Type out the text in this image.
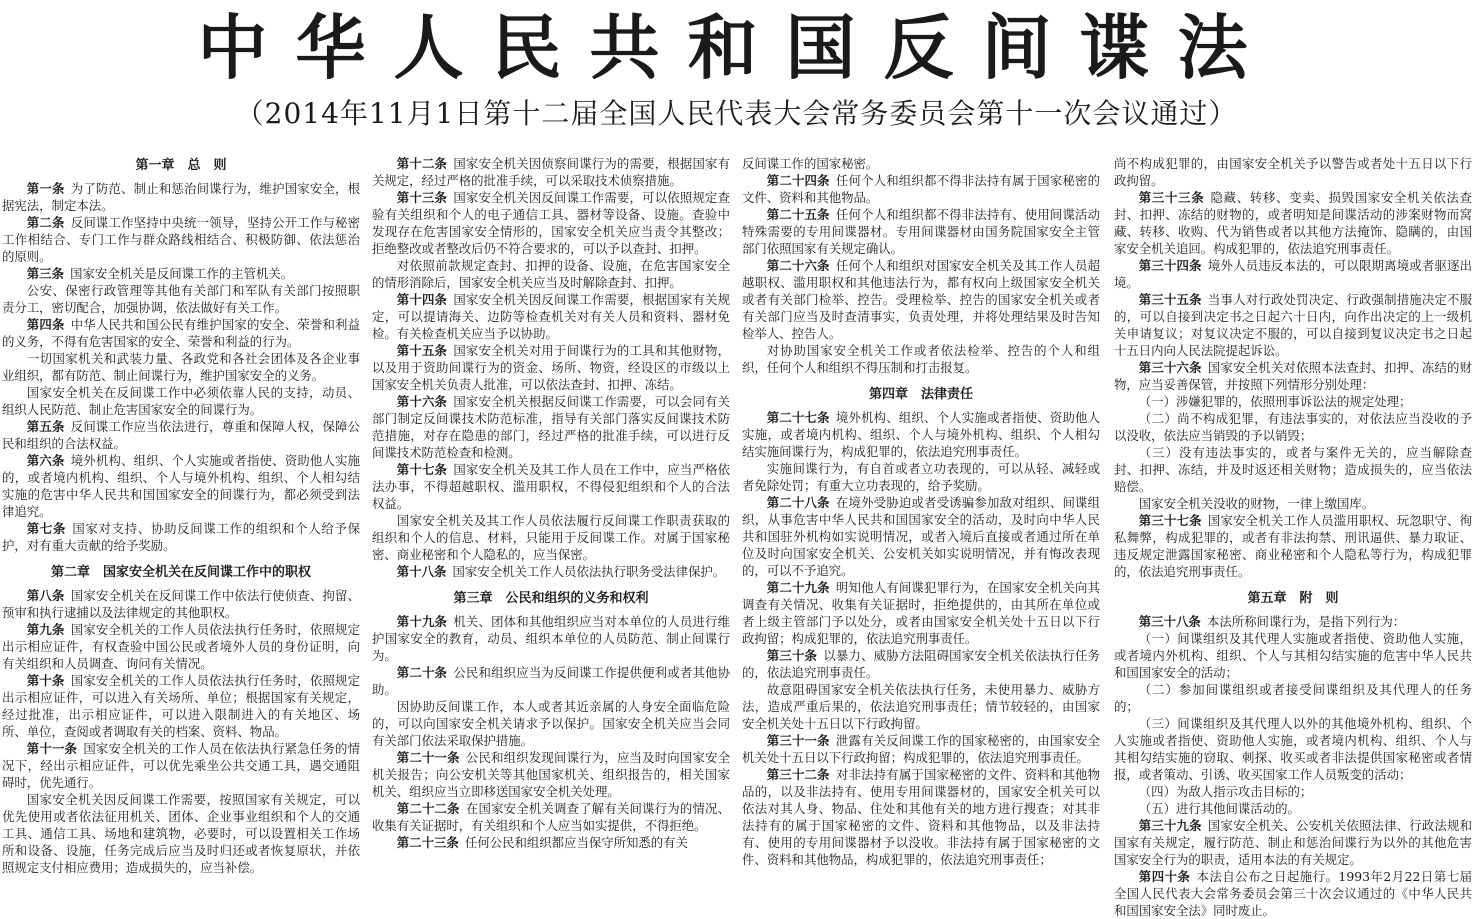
中华人民共和国反间谍法
（2014年11月1日第十二届全国人民代表大会常务委员会第十一次会议通过）
第一章　总　则

第一条 为了防范、制止和惩治间谍行为，维护国家安全，根据宪法，制定本法。

第二条 反间谍工作坚持中央统一领导，坚持公开工作与秘密工作相结合、专门工作与群众路线相结合、积极防御、依法惩治的原则。

第三条 国家安全机关是反间谍工作的主管机关。

公安、保密行政管理等其他有关部门和军队有关部门按照职责分工，密切配合，加强协调，依法做好有关工作。

第四条 中华人民共和国公民有维护国家的安全、荣誉和利益的义务，不得有危害国家的安全、荣誉和利益的行为。

一切国家机关和武装力量、各政党和各社会团体及各企业事业组织，都有防范、制止间谍行为，维护国家安全的义务。

国家安全机关在反间谍工作中必须依靠人民的支持，动员、组织人民防范、制止危害国家安全的间谍行为。

第五条 反间谍工作应当依法进行，尊重和保障人权，保障公民和组织的合法权益。

第六条 境外机构、组织、个人实施或者指使、资助他人实施的，或者境内机构、组织、个人与境外机构、组织、个人相勾结实施的危害中华人民共和国国家安全的间谍行为，都必须受到法律追究。

第七条 国家对支持、协助反间谍工作的组织和个人给予保护，对有重大贡献的给予奖励。

第二章　国家安全机关在反间谍工作中的职权

第八条 国家安全机关在反间谍工作中依法行使侦查、拘留、预审和执行逮捕以及法律规定的其他职权。

第九条 国家安全机关的工作人员依法执行任务时，依照规定出示相应证件，有权查验中国公民或者境外人员的身份证明，向有关组织和人员调查、询问有关情况。

第十条 国家安全机关的工作人员依法执行任务时，依照规定出示相应证件，可以进入有关场所、单位；根据国家有关规定，经过批准，出示相应证件，可以进入限制进入的有关地区、场所、单位，查阅或者调取有关的档案、资料、物品。

第十一条 国家安全机关的工作人员在依法执行紧急任务的情况下，经出示相应证件，可以优先乘坐公共交通工具，遇交通阻碍时，优先通行。

国家安全机关因反间谍工作需要，按照国家有关规定，可以优先使用或者依法征用机关、团体、企业事业组织和个人的交通工具、通信工具、场地和建筑物，必要时，可以设置相关工作场所和设备、设施，任务完成后应当及时归还或者恢复原状，并依照规定支付相应费用；造成损失的，应当补偿。

第十二条 国家安全机关因侦察间谍行为的需要，根据国家有关规定，经过严格的批准手续，可以采取技术侦察措施。

第十三条 国家安全机关因反间谍工作需要，可以依照规定查验有关组织和个人的电子通信工具、器材等设备、设施。查验中发现存在危害国家安全情形的，国家安全机关应当责令其整改；拒绝整改或者整改后仍不符合要求的，可以予以查封、扣押。

对依照前款规定查封、扣押的设备、设施，在危害国家安全的情形消除后，国家安全机关应当及时解除查封、扣押。

第十四条 国家安全机关因反间谍工作需要，根据国家有关规定，可以提请海关、边防等检查机关对有关人员和资料、器材免检。有关检查机关应当予以协助。

第十五条 国家安全机关对用于间谍行为的工具和其他财物，以及用于资助间谍行为的资金、场所、物资，经设区的市级以上国家安全机关负责人批准，可以依法查封、扣押、冻结。

第十六条 国家安全机关根据反间谍工作需要，可以会同有关部门制定反间谍技术防范标准，指导有关部门落实反间谍技术防范措施，对存在隐患的部门，经过严格的批准手续，可以进行反间谍技术防范检查和检测。

第十七条 国家安全机关及其工作人员在工作中，应当严格依法办事，不得超越职权、滥用职权，不得侵犯组织和个人的合法权益。

国家安全机关及其工作人员依法履行反间谍工作职责获取的组织和个人的信息、材料，只能用于反间谍工作。对属于国家秘密、商业秘密和个人隐私的，应当保密。

第十八条 国家安全机关工作人员依法执行职务受法律保护。

第三章　公民和组织的义务和权利

第十九条 机关、团体和其他组织应当对本单位的人员进行维护国家安全的教育，动员、组织本单位的人员防范、制止间谍行为。

第二十条 公民和组织应当为反间谍工作提供便利或者其他协助。

因协助反间谍工作，本人或者其近亲属的人身安全面临危险的，可以向国家安全机关请求予以保护。国家安全机关应当会同有关部门依法采取保护措施。

第二十一条 公民和组织发现间谍行为，应当及时向国家安全机关报告；向公安机关等其他国家机关、组织报告的，相关国家机关、组织应当立即移送国家安全机关处理。

第二十二条 在国家安全机关调查了解有关间谍行为的情况、收集有关证据时，有关组织和个人应当如实提供，不得拒绝。

第二十三条 任何公民和组织都应当保守所知悉的有关

反间谍工作的国家秘密。

第二十四条 任何个人和组织都不得非法持有属于国家秘密的文件、资料和其他物品。

第二十五条 任何个人和组织都不得非法持有、使用间谍活动特殊需要的专用间谍器材。专用间谍器材由国务院国家安全主管部门依照国家有关规定确认。

第二十六条 任何个人和组织对国家安全机关及其工作人员超越职权、滥用职权和其他违法行为，都有权向上级国家安全机关或者有关部门检举、控告。受理检举、控告的国家安全机关或者有关部门应当及时查清事实，负责处理，并将处理结果及时告知检举人、控告人。

对协助国家安全机关工作或者依法检举、控告的个人和组织，任何个人和组织不得压制和打击报复。

第四章　法律责任

第二十七条 境外机构、组织、个人实施或者指使、资助他人实施，或者境内机构、组织、个人与境外机构、组织、个人相勾结实施间谍行为，构成犯罪的，依法追究刑事责任。

实施间谍行为，有自首或者立功表现的，可以从轻、减轻或者免除处罚；有重大立功表现的，给予奖励。

第二十八条 在境外受胁迫或者受诱骗参加敌对组织、间谍组织，从事危害中华人民共和国国家安全的活动，及时向中华人民共和国驻外机构如实说明情况，或者入境后直接或者通过所在单位及时向国家安全机关、公安机关如实说明情况，并有悔改表现的，可以不予追究。

第二十九条 明知他人有间谍犯罪行为，在国家安全机关向其调查有关情况、收集有关证据时，拒绝提供的，由其所在单位或者上级主管部门予以处分，或者由国家安全机关处十五日以下行政拘留；构成犯罪的，依法追究刑事责任。

第三十条 以暴力、威胁方法阻碍国家安全机关依法执行任务的，依法追究刑事责任。

故意阻碍国家安全机关依法执行任务，未使用暴力、威胁方法，造成严重后果的，依法追究刑事责任；情节较轻的，由国家安全机关处十五日以下行政拘留。

第三十一条 泄露有关反间谍工作的国家秘密的，由国家安全机关处十五日以下行政拘留；构成犯罪的，依法追究刑事责任。

第三十二条 对非法持有属于国家秘密的文件、资料和其他物品的，以及非法持有、使用专用间谍器材的，国家安全机关可以依法对其人身、物品、住处和其他有关的地方进行搜查；对其非法持有的属于国家秘密的文件、资料和其他物品，以及非法持有、使用的专用间谍器材予以没收。非法持有属于国家秘密的文件、资料和其他物品，构成犯罪的，依法追究刑事责任；

尚不构成犯罪的，由国家安全机关予以警告或者处十五日以下行政拘留。

第三十三条 隐藏、转移、变卖、损毁国家安全机关依法查封、扣押、冻结的财物的，或者明知是间谍活动的涉案财物而窝藏、转移、收购、代为销售或者以其他方法掩饰、隐瞒的，由国家安全机关追回。构成犯罪的，依法追究刑事责任。

第三十四条 境外人员违反本法的，可以限期离境或者驱逐出境。

第三十五条 当事人对行政处罚决定、行政强制措施决定不服的，可以自接到决定书之日起六十日内，向作出决定的上一级机关申请复议；对复议决定不服的，可以自接到复议决定书之日起十五日内向人民法院提起诉讼。

第三十六条 国家安全机关对依照本法查封、扣押、冻结的财物，应当妥善保管，并按照下列情形分别处理：

（一）涉嫌犯罪的，依照刑事诉讼法的规定处理；

（二）尚不构成犯罪，有违法事实的，对依法应当没收的予以没收，依法应当销毁的予以销毁；

（三）没有违法事实的，或者与案件无关的，应当解除查封、扣押、冻结，并及时返还相关财物；造成损失的，应当依法赔偿。

国家安全机关没收的财物，一律上缴国库。

第三十七条 国家安全机关工作人员滥用职权、玩忽职守、徇私舞弊，构成犯罪的，或者有非法拘禁、刑讯逼供、暴力取证、违反规定泄露国家秘密、商业秘密和个人隐私等行为，构成犯罪的，依法追究刑事责任。

第五章　附　则

第三十八条 本法所称间谍行为，是指下列行为：

（一）间谍组织及其代理人实施或者指使、资助他人实施，或者境内外机构、组织、个人与其相勾结实施的危害中华人民共和国国家安全的活动；

（二）参加间谍组织或者接受间谍组织及其代理人的任务的；

（三）间谍组织及其代理人以外的其他境外机构、组织、个人实施或者指使、资助他人实施，或者境内机构、组织、个人与其相勾结实施的窃取、刺探、收买或者非法提供国家秘密或者情报，或者策动、引诱、收买国家工作人员叛变的活动；

（四）为敌人指示攻击目标的；

（五）进行其他间谍活动的。

第三十九条 国家安全机关、公安机关依照法律、行政法规和国家有关规定，履行防范、制止和惩治间谍行为以外的其他危害国家安全行为的职责，适用本法的有关规定。

第四十条 本法自公布之日起施行。1993年2月22日第七届全国人民代表大会常务委员会第三十次会议通过的《中华人民共和国国家安全法》同时废止。
